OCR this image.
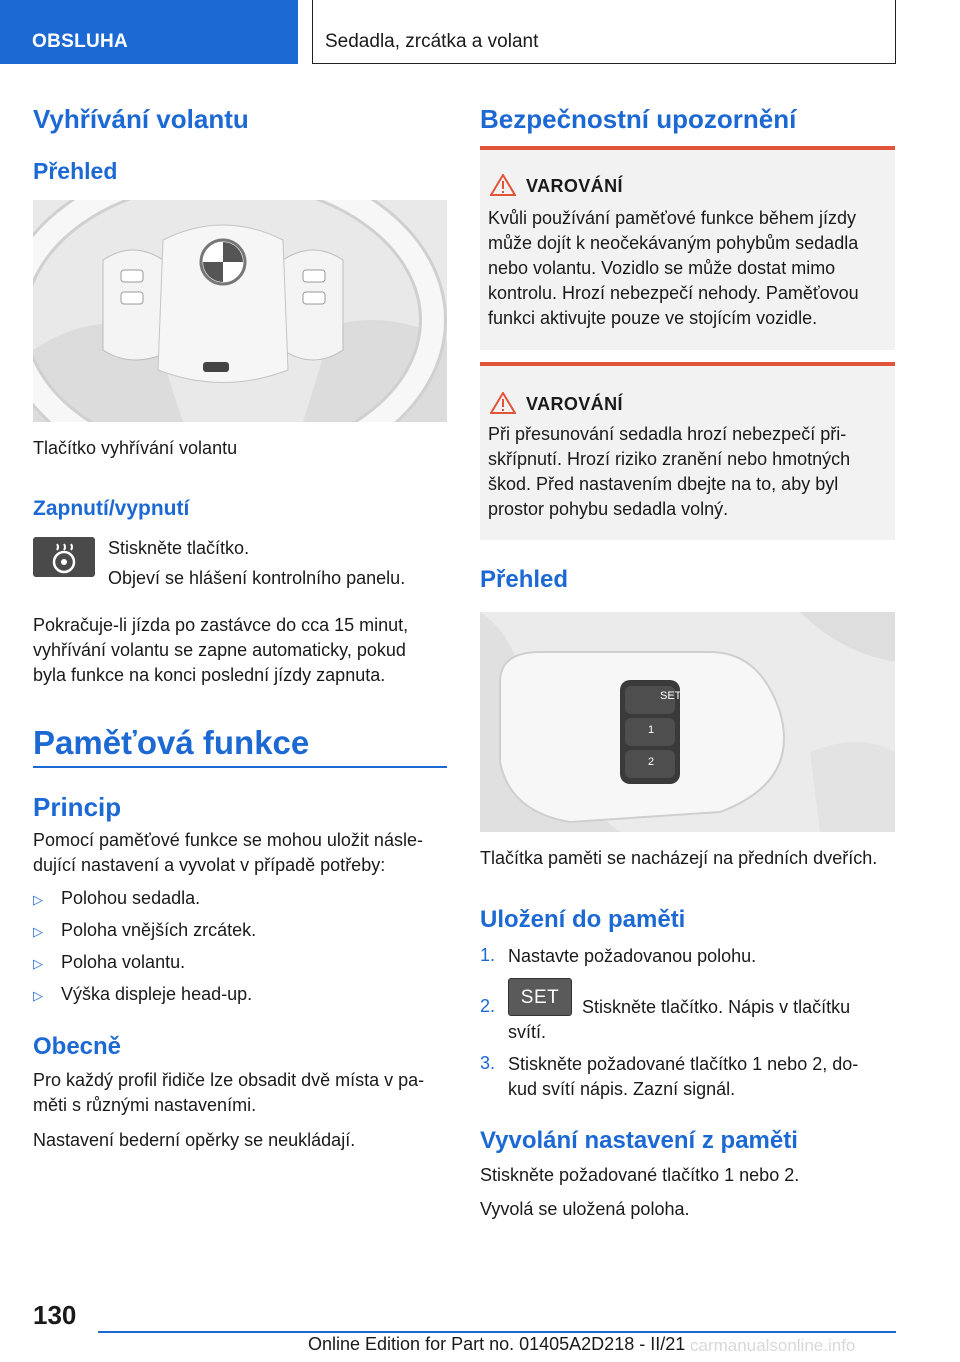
OBSLUHA	Sedadla, zrcátka a volant
Vyhřívání volantu
Přehled
Tlačítko vyhřívání volantu
Zapnutí/vypnutí
Stiskněte tlačítko.
Objeví se hlášení kontrolního panelu.
Pokračuje-li jízda po zastávce do cca 15 minut,
vyhřívání volantu se zapne automaticky, pokud
byla funkce na konci poslední jízdy zapnuta.
Paměťová funkce
Princip
Pomocí paměťové funkce se mohou uložit násle-
dující nastavení a vyvolat v případě potřeby:
▷ Polohou sedadla.
▷ Poloha vnějších zrcátek.
▷ Poloha volantu.
▷ Výška displeje head-up.
Obecně
Pro každý profil řidiče lze obsadit dvě místa v pa-
měti s různými nastaveními.
Nastavení bederní opěrky se neukládají.
Bezpečnostní upozornění
VAROVÁNÍ
Kvůli používání paměťové funkce během jízdy
může dojít k neočekávaným pohybům sedadla
nebo volantu. Vozidlo se může dostat mimo
kontrolu. Hrozí nebezpečí nehody. Paměťovou
funkci aktivujte pouze ve stojícím vozidle.
VAROVÁNÍ
Při přesunování sedadla hrozí nebezpečí při-
skřípnutí. Hrozí riziko zranění nebo hmotných
škod. Před nastavením dbejte na to, aby byl
prostor pohybu sedadla volný.
Přehled
SET
1
2
Tlačítka paměti se nacházejí na předních dveřích.
Uložení do paměti
1. Nastavte požadovanou polohu.
2.	SET	Stiskněte tlačítko. Nápis v tlačítku
svítí.
3. Stiskněte požadované tlačítko 1 nebo 2, do-
kud svítí nápis. Zazní signál.
Vyvolání nastavení z paměti
Stiskněte požadované tlačítko 1 nebo 2.
Vyvolá se uložená poloha.
130
Online Edition for Part no. 01405A2D218 - II/21 carmanualsonline.info
